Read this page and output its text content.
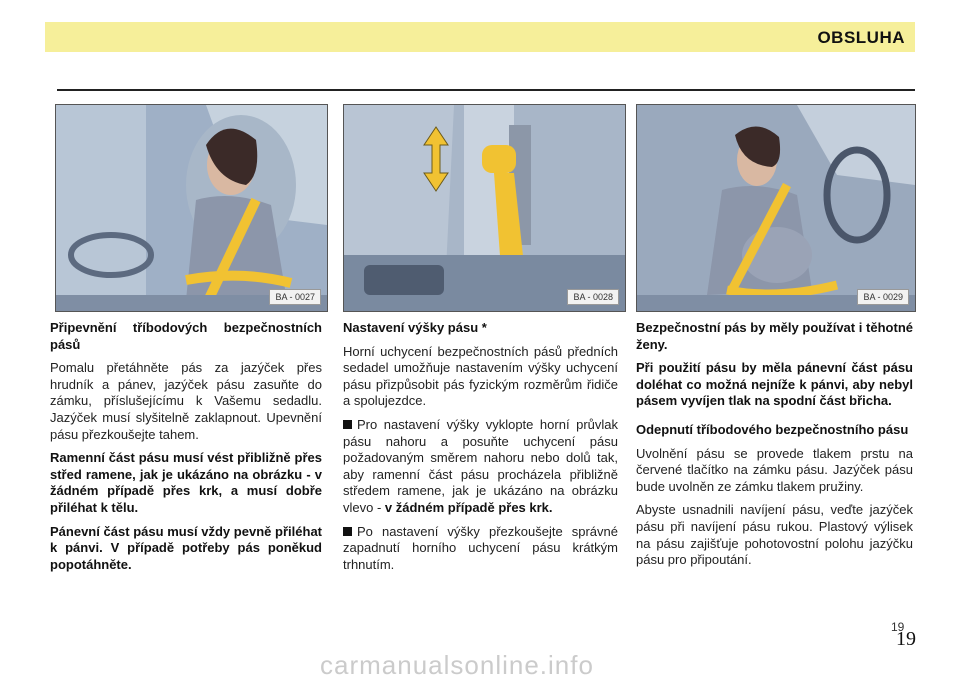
OBSLUHA
BA - 0027	BA - 0028	BA - 0029

Připevnění tříbodových bezpečnostních pásů

Pomalu přetáhněte pás za jazýček přes hrudník a pánev, jazýček pásu zasuňte do zámku, příslušejícímu k Vašemu sedadlu. Jazýček musí slyšitelně zaklapnout. Upevnění pásu přezkoušejte tahem.

Ramenní část pásu musí vést přibližně přes střed ramene, jak je ukázáno na obrázku - v žádném případě přes krk, a musí dobře přiléhat k tělu.

Pánevní část pásu musí vždy pevně přiléhat k pánvi. V případě potřeby pás poněkud popotáhněte.

Nastavení výšky pásu *

Horní uchycení bezpečnostních pásů předních sedadel umožňuje nastavením výšky uchycení pásu přizpůsobit pás fyzickým rozměrům řidiče a spolujezdce.

Pro nastavení výšky vyklopte horní průvlak pásu nahoru a posuňte uchycení pásu požadovaným směrem nahoru nebo dolů tak, aby ramenní část pásu procházela přibližně středem ramene, jak je ukázáno na obrázku vlevo - v žádném případě přes krk.

Po nastavení výšky přezkoušejte správné zapadnutí horního uchycení pásu krátkým trhnutím.

Bezpečnostní pás by měly používat i těhotné ženy.

Při použití pásu by měla pánevní část pásu doléhat co možná nejníže k pánvi, aby nebyl pásem vyvíjen tlak na spodní část břicha.

Odepnutí tříbodového bezpečnostního pásu

Uvolnění pásu se provede tlakem prstu na červené tlačítko na zámku pásu. Jazýček pásu bude uvolněn ze zámku tlakem pružiny.

Abyste usnadnili navíjení pásu, veďte jazýček pásu při navíjení pásu rukou. Plastový výlisek na pásu zajišťuje pohotovostní polohu jazýčku pásu pro připoutání.

19
19
carmanualsonline.info
